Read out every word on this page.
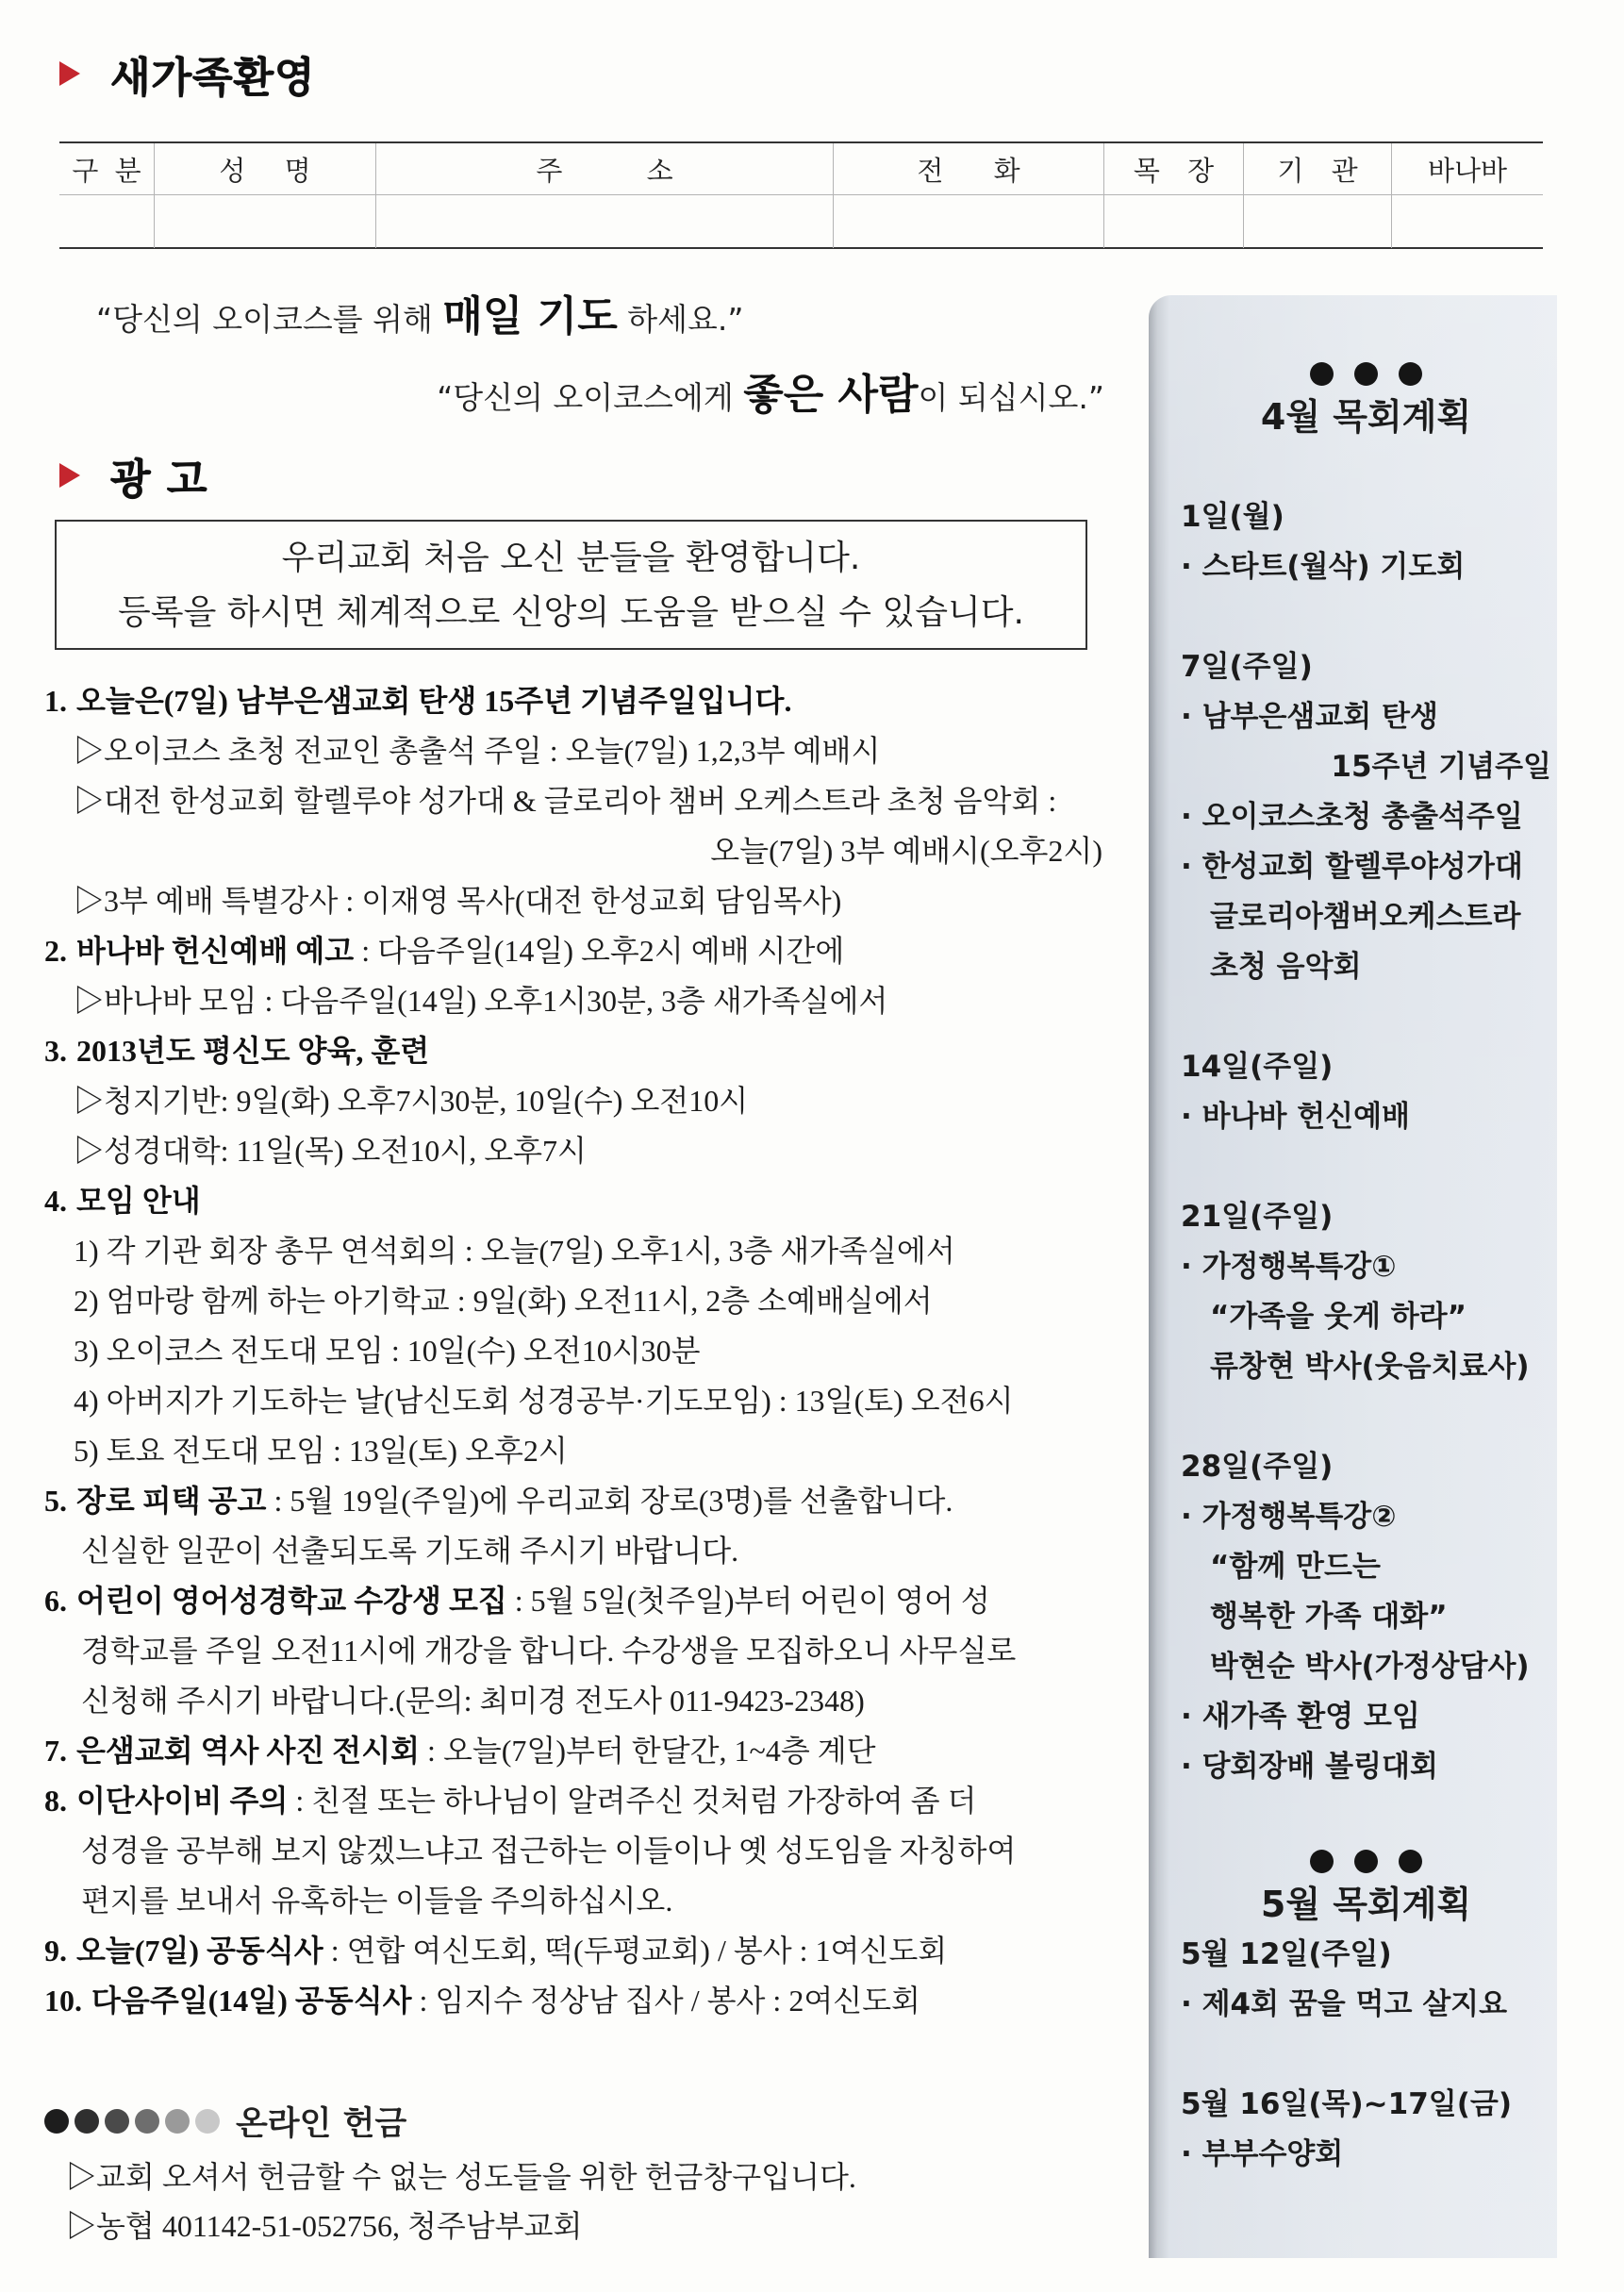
새가족환영
구 분	성 명	주 소	전 화	목 장	기 관	바나바
“당신의 오이코스를 위해 매일 기도 하세요.”
“당신의 오이코스에게 좋은 사람이 되십시오.”
광 고
우리교회 처음 오신 분들을 환영합니다.
등록을 하시면 체계적으로 신앙의 도움을 받으실 수 있습니다.
1. 오늘은(7일) 남부은샘교회 탄생 15주년 기념주일입니다.
▷오이코스 초청 전교인 총출석 주일 : 오늘(7일) 1,2,3부 예배시
▷대전 한성교회 할렐루야 성가대 & 글로리아 챔버 오케스트라 초청 음악회 :
오늘(7일) 3부 예배시(오후2시)
▷3부 예배 특별강사 : 이재영 목사(대전 한성교회 담임목사)
2. 바나바 헌신예배 예고 : 다음주일(14일) 오후2시 예배 시간에
▷바나바 모임 : 다음주일(14일) 오후1시30분, 3층 새가족실에서
3. 2013년도 평신도 양육, 훈련
▷청지기반: 9일(화) 오후7시30분, 10일(수) 오전10시
▷성경대학: 11일(목) 오전10시, 오후7시
4. 모임 안내
1) 각 기관 회장 총무 연석회의 : 오늘(7일) 오후1시, 3층 새가족실에서
2) 엄마랑 함께 하는 아기학교 : 9일(화) 오전11시, 2층 소예배실에서
3) 오이코스 전도대 모임 : 10일(수) 오전10시30분
4) 아버지가 기도하는 날(남신도회 성경공부·기도모임) : 13일(토) 오전6시
5) 토요 전도대 모임 : 13일(토) 오후2시
5. 장로 피택 공고 : 5월 19일(주일)에 우리교회 장로(3명)를 선출합니다.
신실한 일꾼이 선출되도록 기도해 주시기 바랍니다.
6. 어린이 영어성경학교 수강생 모집 : 5월 5일(첫주일)부터 어린이 영어 성
경학교를 주일 오전11시에 개강을 합니다. 수강생을 모집하오니 사무실로
신청해 주시기 바랍니다.(문의: 최미경 전도사 011-9423-2348)
7. 은샘교회 역사 사진 전시회 : 오늘(7일)부터 한달간, 1~4층 계단
8. 이단사이비 주의 : 친절 또는 하나님이 알려주신 것처럼 가장하여 좀 더
성경을 공부해 보지 않겠느냐고 접근하는 이들이나 옛 성도임을 자칭하여
편지를 보내서 유혹하는 이들을 주의하십시오.
9. 오늘(7일) 공동식사 : 연합 여신도회, 떡(두평교회) / 봉사 : 1여신도회
10. 다음주일(14일) 공동식사 : 임지수 정상남 집사 / 봉사 : 2여신도회
온라인 헌금
▷교회 오셔서 헌금할 수 없는 성도들을 위한 헌금창구입니다.
▷농협 401142-51-052756, 청주남부교회
4월 목회계획
1일(월)
· 스타트(월삭) 기도회
7일(주일)
· 남부은샘교회 탄생
15주년 기념주일
· 오이코스초청 총출석주일
· 한성교회 할렐루야성가대
글로리아챔버오케스트라
초청 음악회
14일(주일)
· 바나바 헌신예배
21일(주일)
· 가정행복특강①
“가족을 웃게 하라”
류창현 박사(웃음치료사)
28일(주일)
· 가정행복특강②
“함께 만드는
행복한 가족 대화”
박현순 박사(가정상담사)
· 새가족 환영 모임
· 당회장배 볼링대회
5월 목회계획
5월 12일(주일)
· 제4회 꿈을 먹고 살지요
5월 16일(목)~17일(금)
· 부부수양회
